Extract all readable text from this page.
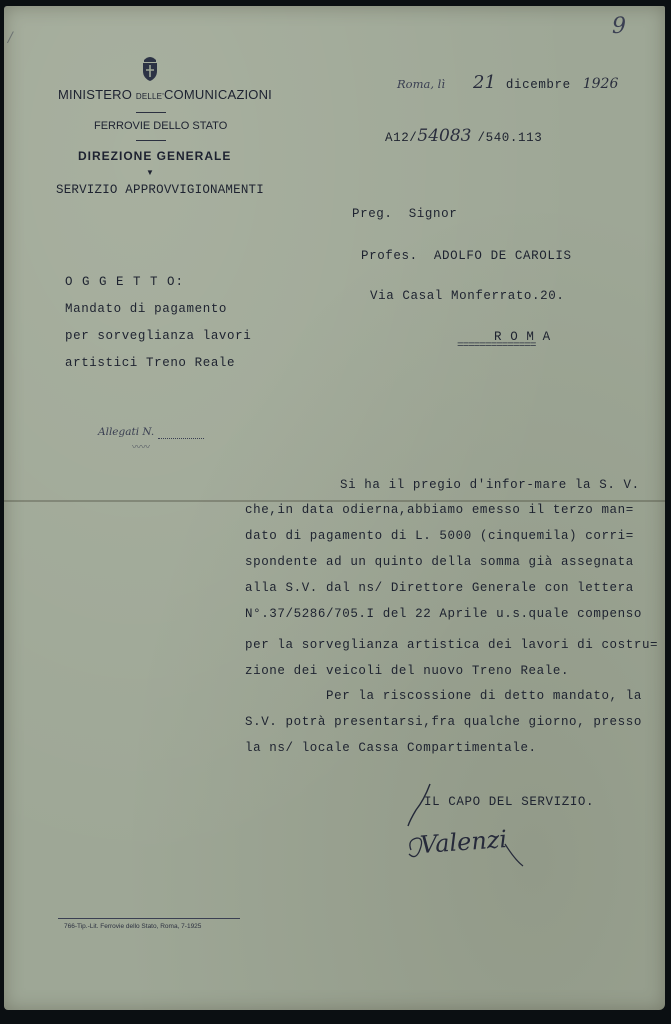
9
MINISTERO DELLE'COMUNICAZIONI
FERROVIE DELLO STATO
DIREZIONE GENERALE
▼
SERVIZIO APPROVVIGIONAMENTI
Roma, lì 21 dicembre 1926
A12/54083 /540.113
Preg.  Signor
Profes.  ADOLFO DE CAROLIS
Via Casal Monferrato.20.
R O M A
==============
O G G E T T O:
Mandato di pagamento
per sorveglianza lavori
artistici Treno Reale
Allegati N.
〰〰
Si ha il pregio d'infor-mare la S. V.
che,in data odierna,abbiamo emesso il terzo man=
dato di pagamento di L. 5000 (cinquemila) corri=
spondente ad un quinto della somma già assegnata
alla S.V. dal ns/ Direttore Generale con lettera
N°.37/5286/705.I del 22 Aprile u.s.quale compenso
per la sorveglianza artistica dei lavori di costru=
zione dei veicoli del nuovo Treno Reale.
Per la riscossione di detto mandato, la
S.V. potrà presentarsi,fra qualche giorno, presso
la ns/ locale Cassa Compartimentale.
IL CAPO DEL SERVIZIO.
Valenzi
766-Tip.-Lit. Ferrovie dello Stato, Roma, 7-1925
/
